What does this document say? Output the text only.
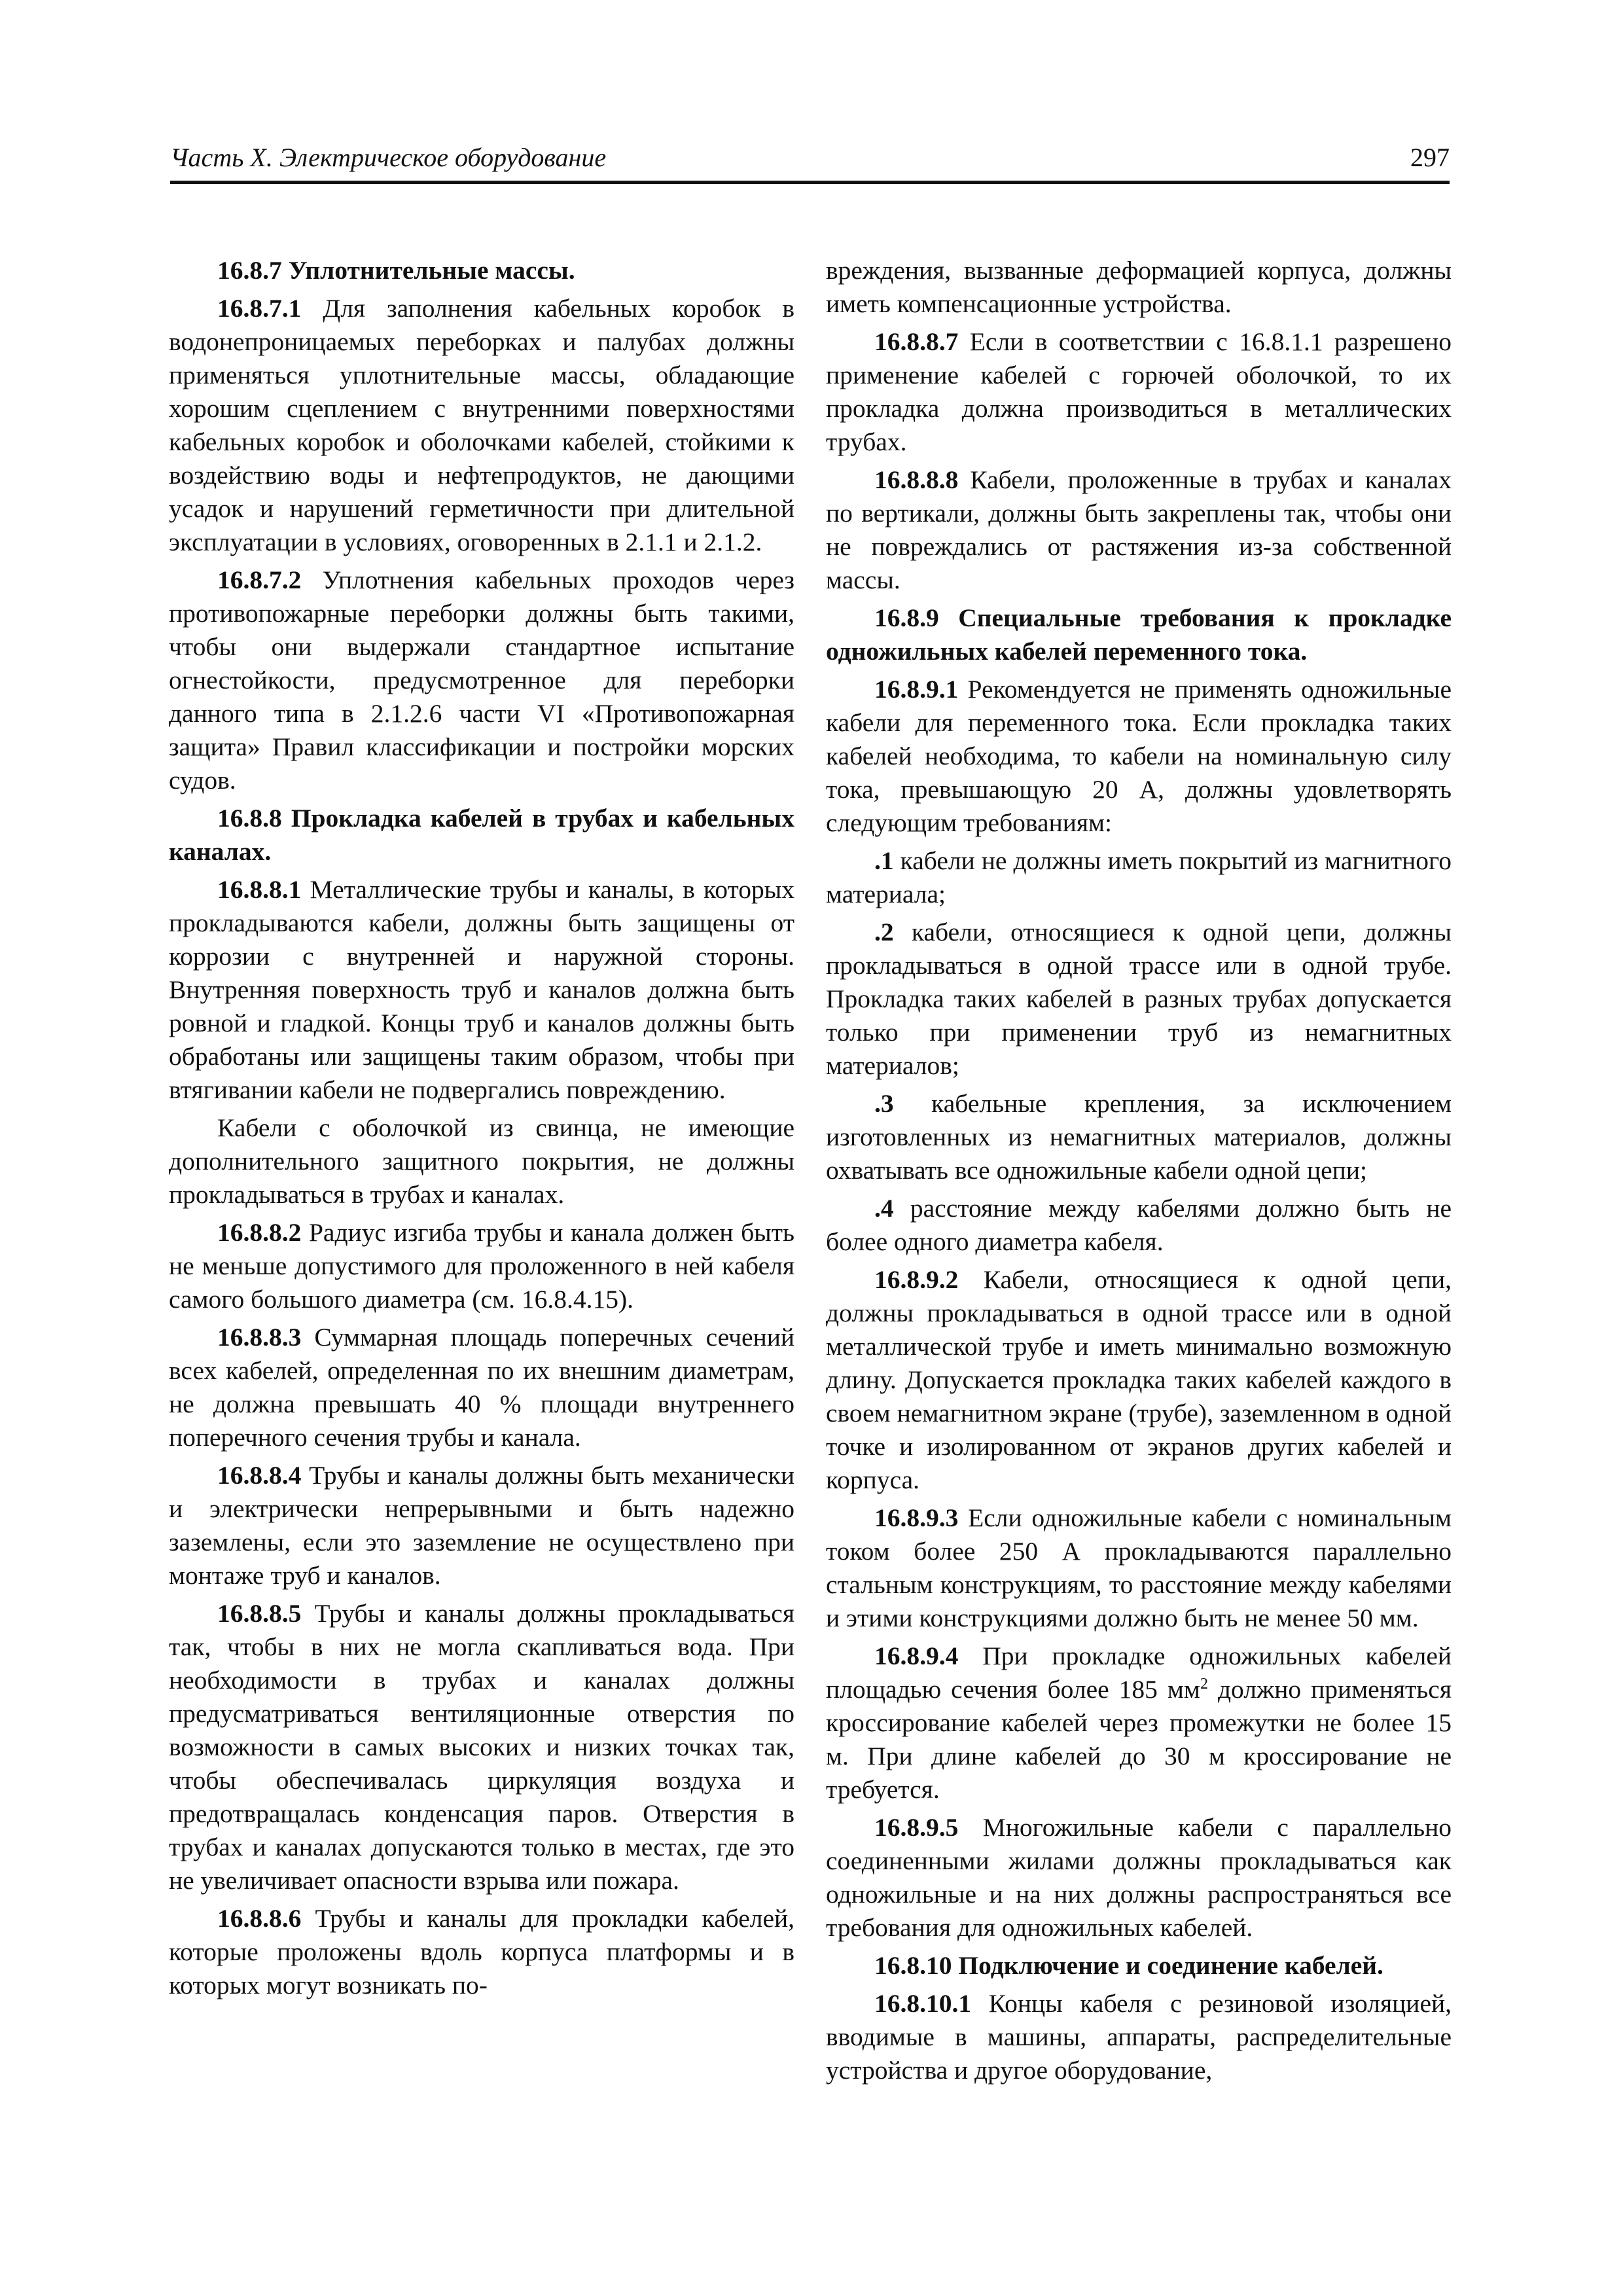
Часть X. Электрическое оборудование	297

16.8.7 Уплотнительные массы.

16.8.7.1 Для заполнения кабельных коробок в водонепроницаемых переборках и палубах должны применяться уплотнительные массы, обладающие хорошим сцеплением с внутренними поверхностями кабельных коробок и оболочками кабелей, стойкими к воздействию воды и нефтепродуктов, не дающими усадок и нарушений герметичности при длительной эксплуатации в условиях, оговоренных в 2.1.1 и 2.1.2.

16.8.7.2 Уплотнения кабельных проходов через противопожарные переборки должны быть такими, чтобы они выдержали стандартное испытание огнестойкости, предусмотренное для переборки данного типа в 2.1.2.6 части VI «Противопожарная защита» Правил классификации и постройки морских судов.

16.8.8 Прокладка кабелей в трубах и кабельных каналах.

16.8.8.1 Металлические трубы и каналы, в которых прокладываются кабели, должны быть защищены от коррозии с внутренней и наружной стороны. Внутренняя поверхность труб и каналов должна быть ровной и гладкой. Концы труб и каналов должны быть обработаны или защищены таким образом, чтобы при втягивании кабели не подвергались повреждению.

Кабели с оболочкой из свинца, не имеющие дополнительного защитного покрытия, не должны прокладываться в трубах и каналах.

16.8.8.2 Радиус изгиба трубы и канала должен быть не меньше допустимого для проложенного в ней кабеля самого большого диаметра (см. 16.8.4.15).

16.8.8.3 Суммарная площадь поперечных сечений всех кабелей, определенная по их внешним диаметрам, не должна превышать 40 % площади внутреннего поперечного сечения трубы и канала.

16.8.8.4 Трубы и каналы должны быть механически и электрически непрерывными и быть надежно заземлены, если это заземление не осуществлено при монтаже труб и каналов.

16.8.8.5 Трубы и каналы должны прокладываться так, чтобы в них не могла скапливаться вода. При необходимости в трубах и каналах должны предусматриваться вентиляционные отверстия по возможности в самых высоких и низких точках так, чтобы обеспечивалась циркуляция воздуха и предотвращалась конденсация паров. Отверстия в трубах и каналах допускаются только в местах, где это не увеличивает опасности взрыва или пожара.

16.8.8.6 Трубы и каналы для прокладки кабелей, которые проложены вдоль корпуса платформы и в которых могут возникать по-

вреждения, вызванные деформацией корпуса, должны иметь компенсационные устройства.

16.8.8.7 Если в соответствии с 16.8.1.1 разрешено применение кабелей с горючей оболочкой, то их прокладка должна производиться в металлических трубах.

16.8.8.8 Кабели, проложенные в трубах и каналах по вертикали, должны быть закреплены так, чтобы они не повреждались от растяжения из-за собственной массы.

16.8.9 Специальные требования к прокладке одножильных кабелей переменного тока.

16.8.9.1 Рекомендуется не применять одножильные кабели для переменного тока. Если прокладка таких кабелей необходима, то кабели на номинальную силу тока, превышающую 20 А, должны удовлетворять следующим требованиям:

.1 кабели не должны иметь покрытий из магнитного материала;

.2 кабели, относящиеся к одной цепи, должны прокладываться в одной трассе или в одной трубе. Прокладка таких кабелей в разных трубах допускается только при применении труб из немагнитных материалов;

.3 кабельные крепления, за исключением изготовленных из немагнитных материалов, должны охватывать все одножильные кабели одной цепи;

.4 расстояние между кабелями должно быть не более одного диаметра кабеля.

16.8.9.2 Кабели, относящиеся к одной цепи, должны прокладываться в одной трассе или в одной металлической трубе и иметь минимально возможную длину. Допускается прокладка таких кабелей каждого в своем немагнитном экране (трубе), заземленном в одной точке и изолированном от экранов других кабелей и корпуса.

16.8.9.3 Если одножильные кабели с номинальным током более 250 А прокладываются параллельно стальным конструкциям, то расстояние между кабелями и этими конструкциями должно быть не менее 50 мм.

16.8.9.4 При прокладке одножильных кабелей площадью сечения более 185 $мм^2$ должно применяться кроссирование кабелей через промежутки не более 15 м. При длине кабелей до 30 м кроссирование не требуется.

16.8.9.5 Многожильные кабели с параллельно соединенными жилами должны прокладываться как одножильные и на них должны распространяться все требования для одножильных кабелей.

16.8.10 Подключение и соединение кабелей.

16.8.10.1 Концы кабеля с резиновой изоляцией, вводимые в машины, аппараты, распределительные устройства и другое оборудование,
